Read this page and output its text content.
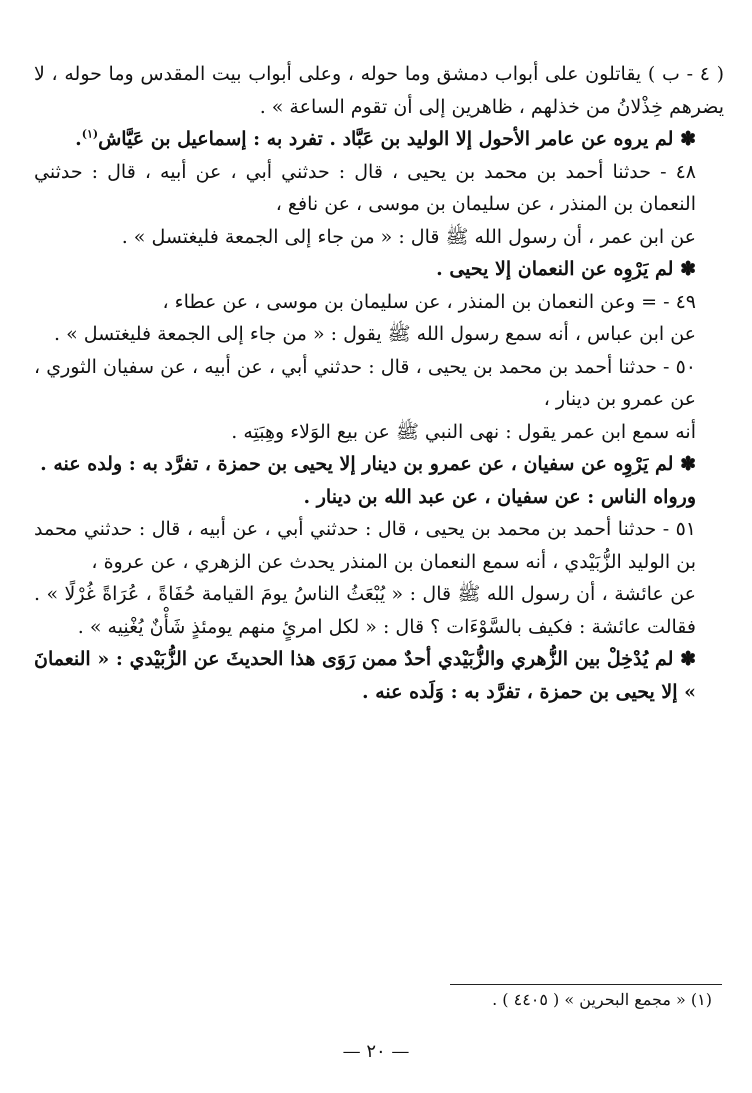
( ٤ - ب ) يقاتلون على أبواب دمشق وما حوله ، وعلى أبواب بيت المقدس وما حوله ، لا يضرهم خِذْلانُ من خذلهم ، ظاهرين إلى أن تقوم الساعة » .

✽ لم يروه عن عامر الأحول إلا الوليد بن عَبَّاد . تفرد به : إسماعيل بن عَيَّاش$^{(١)}$.

٤٨ - حدثنا أحمد بن محمد بن يحيى ، قال : حدثني أبي ، عن أبيه ، قال : حدثني النعمان بن المنذر ، عن سليمان بن موسى ، عن نافع ،

عن ابن عمر ، أن رسول الله ﷺ قال : « من جاء إلى الجمعة فليغتسل » .

✽ لم يَرْوِه عن النعمان إلا يحيى .

٤٩ - = وعن النعمان بن المنذر ، عن سليمان بن موسى ، عن عطاء ،

عن ابن عباس ، أنه سمع رسول الله ﷺ يقول : « من جاء إلى الجمعة فليغتسل » .

٥٠ - حدثنا أحمد بن محمد بن يحيى ، قال : حدثني أبي ، عن أبيه ، عن سفيان الثوري ، عن عمرو بن دينار ،

أنه سمع ابن عمر يقول : نهى النبي ﷺ عن بيع الوَلاء وهِبَتِه .

✽ لم يَرْوِه عن سفيان ، عن عمرو بن دينار إلا يحيى بن حمزة ، تفرَّد به : ولده عنه .

ورواه الناس : عن سفيان ، عن عبد الله بن دينار .

٥١ - حدثنا أحمد بن محمد بن يحيى ، قال : حدثني أبي ، عن أبيه ، قال : حدثني محمد بن الوليد الزُّبَيْدي ، أنه سمع النعمان بن المنذر يحدث عن الزهري ، عن عروة ،

عن عائشة ، أن رسول الله ﷺ قال : « يُبْعَثُ الناسُ يومَ القيامة حُفَاةً ، عُرَاةً غُرْلًا » . فقالت عائشة : فكيف بالسَّوْءَات ؟ قال : « لكل امرئٍ منهم يومئذٍ شَأْنٌ يُغْنِيه » .

✽ لم يُدْخِلْ بين الزُّهري والزُّبَيْدي أحدٌ ممن رَوَى هذا الحديثَ عن الزُّبَيْدي : « النعمانَ » إلا يحيى بن حمزة ، تفرَّد به : وَلَده عنه .

(١) « مجمع البحرين » ( ٤٤٠٥ ) .
— ٢٠ —
